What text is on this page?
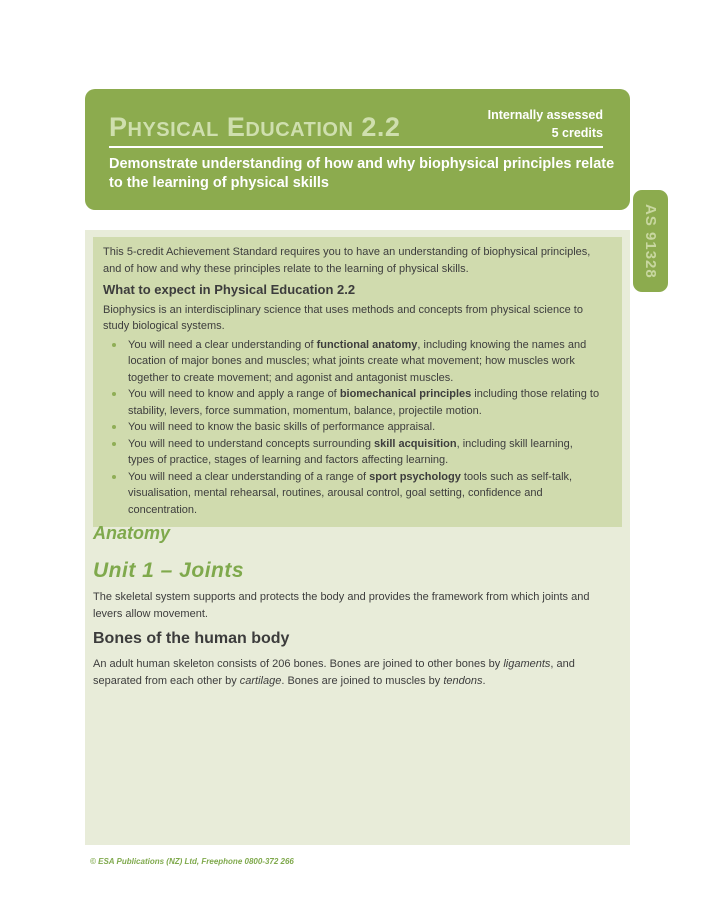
PHYSICAL EDUCATION 2.2	Internally assessed
5 credits
Demonstrate understanding of how and why biophysical principles relate to the learning of physical skills
AS 91328

This 5-credit Achievement Standard requires you to have an understanding of biophysical principles, and of how and why these principles relate to the learning of physical skills.

What to expect in Physical Education 2.2

Biophysics is an interdisciplinary science that uses methods and concepts from physical science to study biological systems.

You will need a clear understanding of functional anatomy, including knowing the names and location of major bones and muscles; what joints create what movement; how muscles work together to create movement; and agonist and antagonist muscles.
You will need to know and apply a range of biomechanical principles including those relating to stability, levers, force summation, momentum, balance, projectile motion.
You will need to know the basic skills of performance appraisal.
You will need to understand concepts surrounding skill acquisition, including skill learning, types of practice, stages of learning and factors affecting learning.
You will need a clear understanding of a range of sport psychology tools such as self-talk, visualisation, mental rehearsal, routines, arousal control, goal setting, confidence and concentration.
Anatomy
Unit 1 – Joints

The skeletal system supports and protects the body and provides the framework from which joints and levers allow movement.

Bones of the human body

An adult human skeleton consists of 206 bones. Bones are joined to other bones by ligaments, and separated from each other by cartilage. Bones are joined to muscles by tendons.

© ESA Publications (NZ) Ltd, Freephone 0800-372 266
